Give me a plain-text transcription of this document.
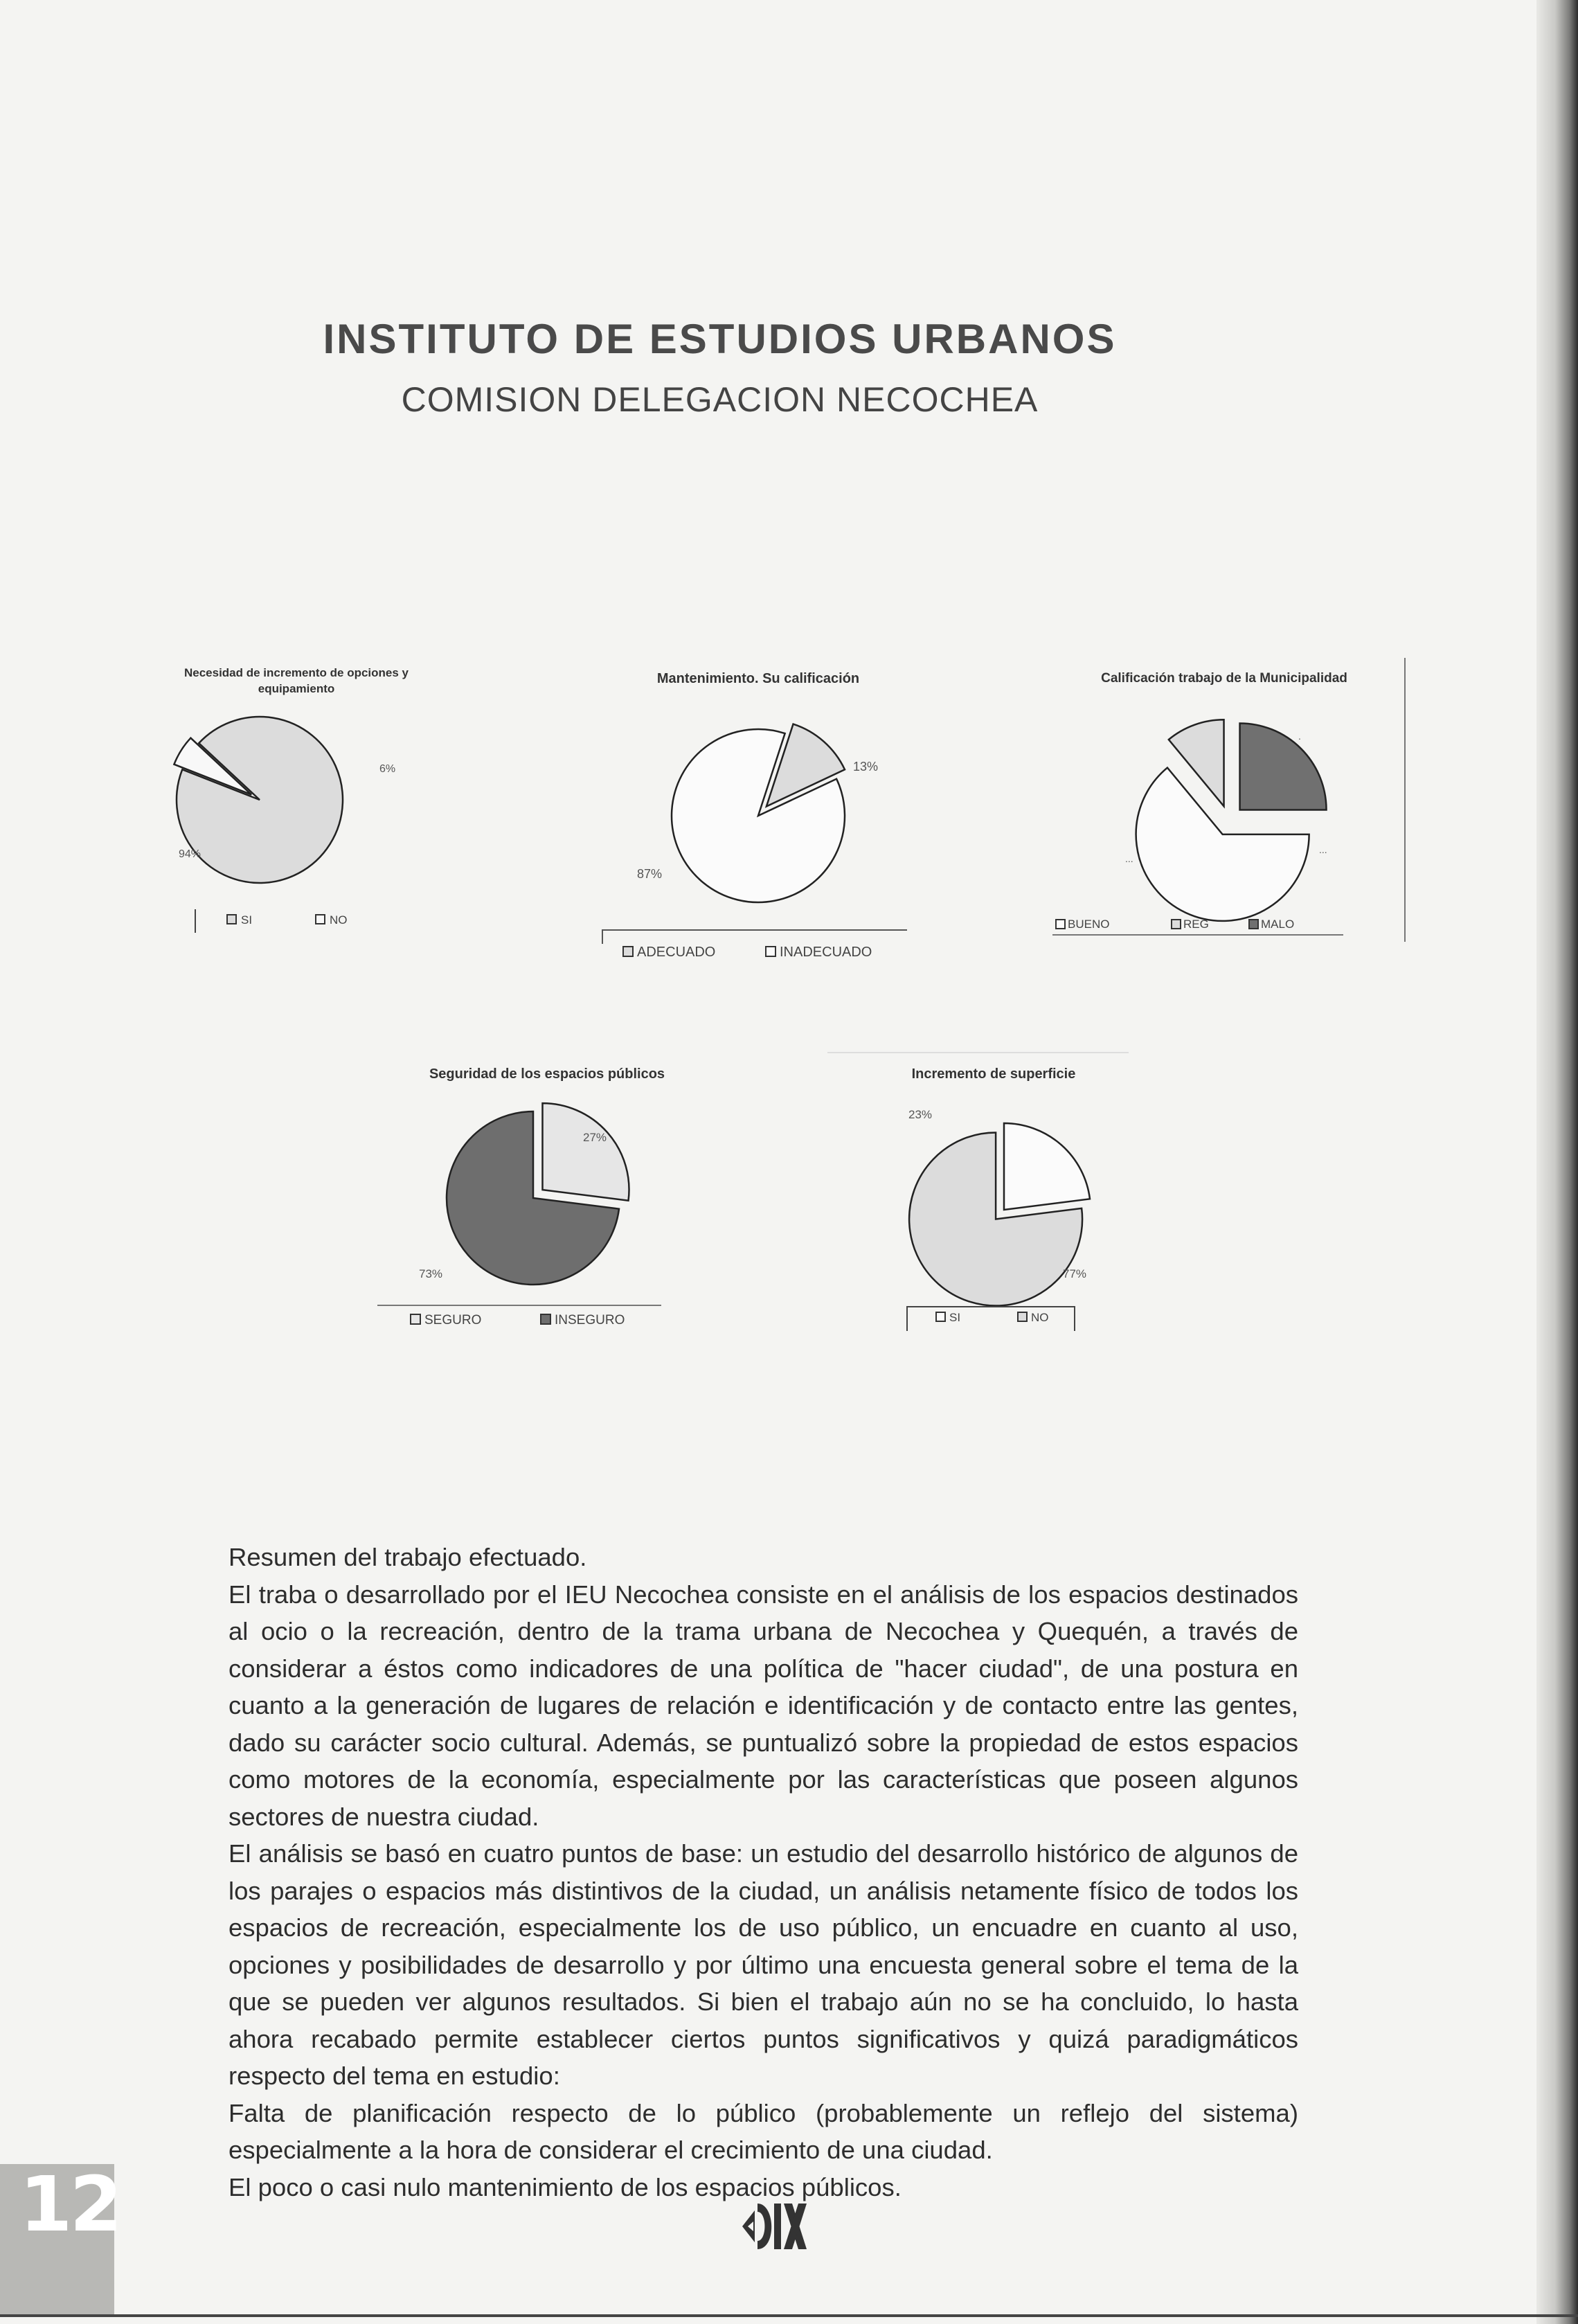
INSTITUTO DE ESTUDIOS URBANOS
COMISION DELEGACION NECOCHEA
Necesidad de incremento de opciones y
equipamiento
94%
6%
SI	NO
Mantenimiento. Su calificación
13%
87%
ADECUADO	INADECUADO
Calificación trabajo de la Municipalidad
...
...
.
BUENO	REG	MALO
Seguridad de los espacios públicos
27%
73%
SEGURO	INSEGURO
Incremento de superficie
23%
77%
SI	NO

Resumen del trabajo efectuado.

El traba o desarrollado por el IEU Necochea consiste en el análisis de los espacios destinados al ocio o la recreación, dentro de la trama urbana de Necochea y Quequén, a través de considerar a éstos como indicadores de una política de "hacer ciudad", de una postura en cuanto a la generación de lugares de relación e identificación y de contacto entre las gentes, dado su carácter socio cultural. Además, se puntualizó sobre la propiedad de estos espacios como motores de la economía, especialmente por las características que poseen algunos sectores de nuestra ciudad.

El análisis se basó en cuatro puntos de base: un estudio del desarrollo histórico de algunos de los parajes o espacios más distintivos de la ciudad, un análisis netamente físico de todos los espacios de recreación, especialmente los de uso público, un encuadre en cuanto al uso, opciones y posibilidades de desarrollo y por último una encuesta general sobre el tema de la que se pueden ver algunos resultados. Si bien el trabajo aún no se ha concluido, lo hasta ahora recabado permite establecer ciertos puntos significativos y quizá paradigmáticos respecto del tema en estudio:

Falta de planificación respecto de lo público (probablemente un reflejo del sistema) especialmente a la hora de considerar el crecimiento de una ciudad.

El poco o casi nulo mantenimiento de los espacios públicos.

12
